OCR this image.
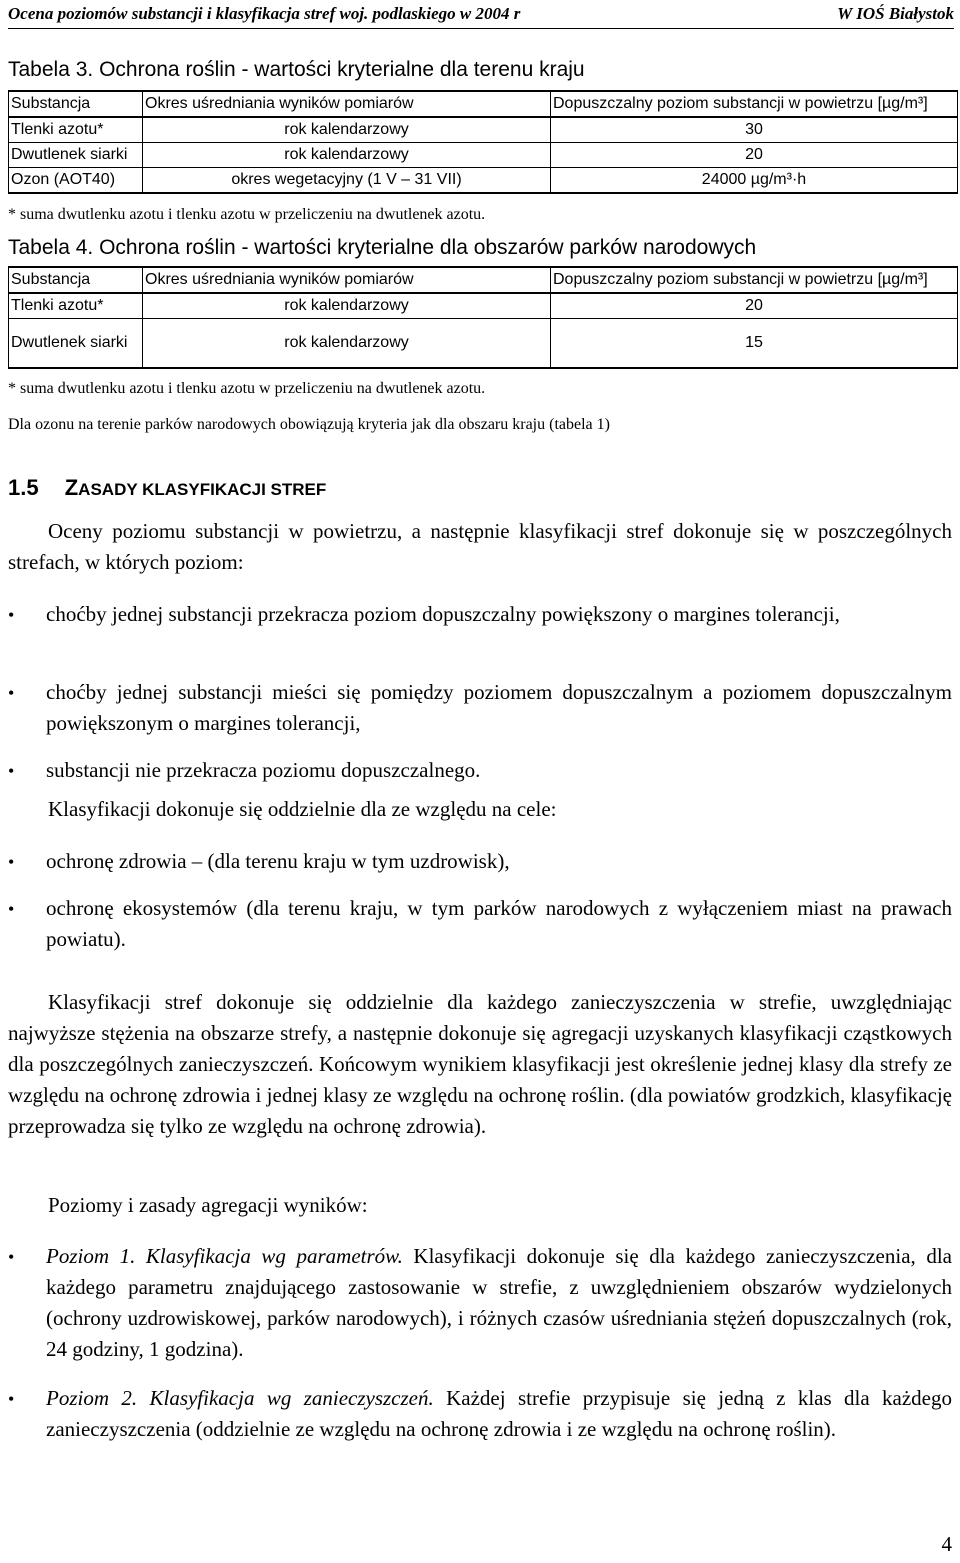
Ocena poziomów substancji i klasyfikacja stref woj. podlaskiego w 2004 r	W IOŚ Białystok
Tabela 3. Ochrona roślin - wartości kryterialne dla terenu kraju
Substancja	Okres uśredniania wyników pomiarów	Dopuszczalny poziom substancji w powietrzu [µg/m³]
Tlenki azotu*	rok kalendarzowy	30
Dwutlenek siarki	rok kalendarzowy	20
Ozon (AOT40)	okres wegetacyjny (1 V – 31 VII)	24000 µg/m³·h
* suma dwutlenku azotu i tlenku azotu w przeliczeniu na dwutlenek azotu.
Tabela 4. Ochrona roślin - wartości kryterialne dla obszarów parków narodowych
Substancja	Okres uśredniania wyników pomiarów	Dopuszczalny poziom substancji w powietrzu [µg/m³]
Tlenki azotu*	rok kalendarzowy	20
Dwutlenek siarki	rok kalendarzowy	15
* suma dwutlenku azotu i tlenku azotu w przeliczeniu na dwutlenek azotu.
Dla ozonu na terenie parków narodowych obowiązują kryteria jak dla obszaru kraju (tabela 1)
1.5 ZASADY KLASYFIKACJI STREF
Oceny poziomu substancji w powietrzu, a następnie klasyfikacji stref dokonuje się w poszczególnych strefach, w których poziom:
• choćby jednej substancji przekracza poziom dopuszczalny powiększony o margines tolerancji,
• choćby jednej substancji mieści się pomiędzy poziomem dopuszczalnym a poziomem dopuszczalnym powiększonym o margines tolerancji,
• substancji nie przekracza poziomu dopuszczalnego.
Klasyfikacji dokonuje się oddzielnie dla ze względu na cele:
• ochronę zdrowia – (dla terenu kraju w tym uzdrowisk),
• ochronę ekosystemów (dla terenu kraju, w tym parków narodowych z wyłączeniem miast na prawach powiatu).
Klasyfikacji stref dokonuje się oddzielnie dla każdego zanieczyszczenia w strefie, uwzględniając najwyższe stężenia na obszarze strefy, a następnie dokonuje się agregacji uzyskanych klasyfikacji cząstkowych dla poszczególnych zanieczyszczeń. Końcowym wynikiem klasyfikacji jest określenie jednej klasy dla strefy ze względu na ochronę zdrowia i jednej klasy ze względu na ochronę roślin. (dla powiatów grodzkich, klasyfikację przeprowadza się tylko ze względu na ochronę zdrowia).
Poziomy i zasady agregacji wyników:
• Poziom 1. Klasyfikacja wg parametrów. Klasyfikacji dokonuje się dla każdego zanieczyszczenia, dla każdego parametru znajdującego zastosowanie w strefie, z uwzględnieniem obszarów wydzielonych (ochrony uzdrowiskowej, parków narodowych), i różnych czasów uśredniania stężeń dopuszczalnych (rok, 24 godziny, 1 godzina).
• Poziom 2. Klasyfikacja wg zanieczyszczeń. Każdej strefie przypisuje się jedną z klas dla każdego zanieczyszczenia (oddzielnie ze względu na ochronę zdrowia i ze względu na ochronę roślin).
4
